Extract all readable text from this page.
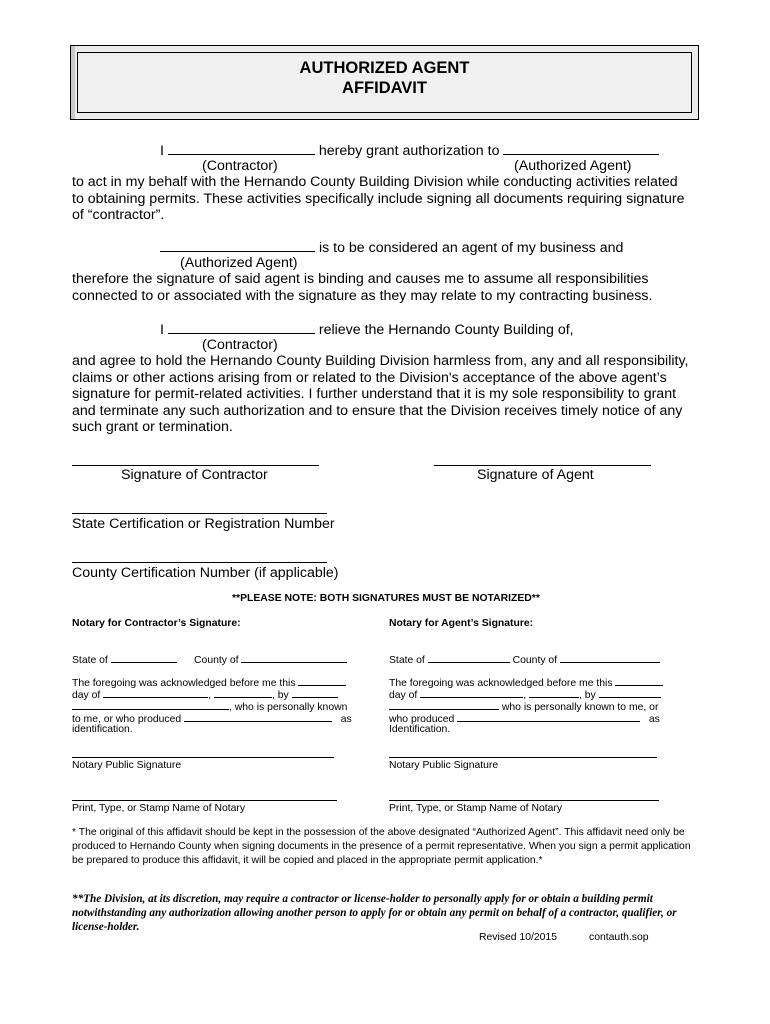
AUTHORIZED AGENT
AFFIDAVIT
I	hereby grant authorization to
(Contractor)	(Authorized Agent)
to act in my behalf with the Hernando County Building Division while conducting activities related to obtaining permits. These activities specifically include signing all documents requiring signature of “contractor”.
is to be considered an agent of my business and
(Authorized Agent)
therefore the signature of said agent is binding and causes me to assume all responsibilities connected to or associated with the signature as they may relate to my contracting business.
I	relieve the Hernando County Building of,
(Contractor)
and agree to hold the Hernando County Building Division harmless from, any and all responsibility, claims or other actions arising from or related to the Division's acceptance of the above agent’s signature for permit-related activities. I further understand that it is my sole responsibility to grant and terminate any such authorization and to ensure that the Division receives timely notice of any such grant or termination.
Signature of Contractor	Signature of Agent
State Certification or Registration Number
County Certification Number (if applicable)
**PLEASE NOTE: BOTH SIGNATURES MUST BE NOTARIZED**
Notary for Contractor’s Signature:
State of	County of
The foregoing was acknowledged before me this
day of	,	, by
, who is personally known
to me, or who produced	as
identification.
Notary Public Signature
Print, Type, or Stamp Name of Notary
Notary for Agent’s Signature:
State of	County of
The foregoing was acknowledged before me this
day of	,	, by
who is personally known to me, or
who produced	as
Identification.
Notary Public Signature
Print, Type, or Stamp Name of Notary
* The original of this affidavit should be kept in the possession of the above designated “Authorized Agent”. This affidavit need only be produced to Hernando County when signing documents in the presence of a permit representative. When you sign a permit application be prepared to produce this affidavit, it will be copied and placed in the appropriate permit application.*
**The Division, at its discretion, may require a contractor or license-holder to personally apply for or obtain a building permit notwithstanding any authorization allowing another person to apply for or obtain any permit on behalf of a contractor, qualifier, or license-holder.
Revised 10/2015	contauth.sop
